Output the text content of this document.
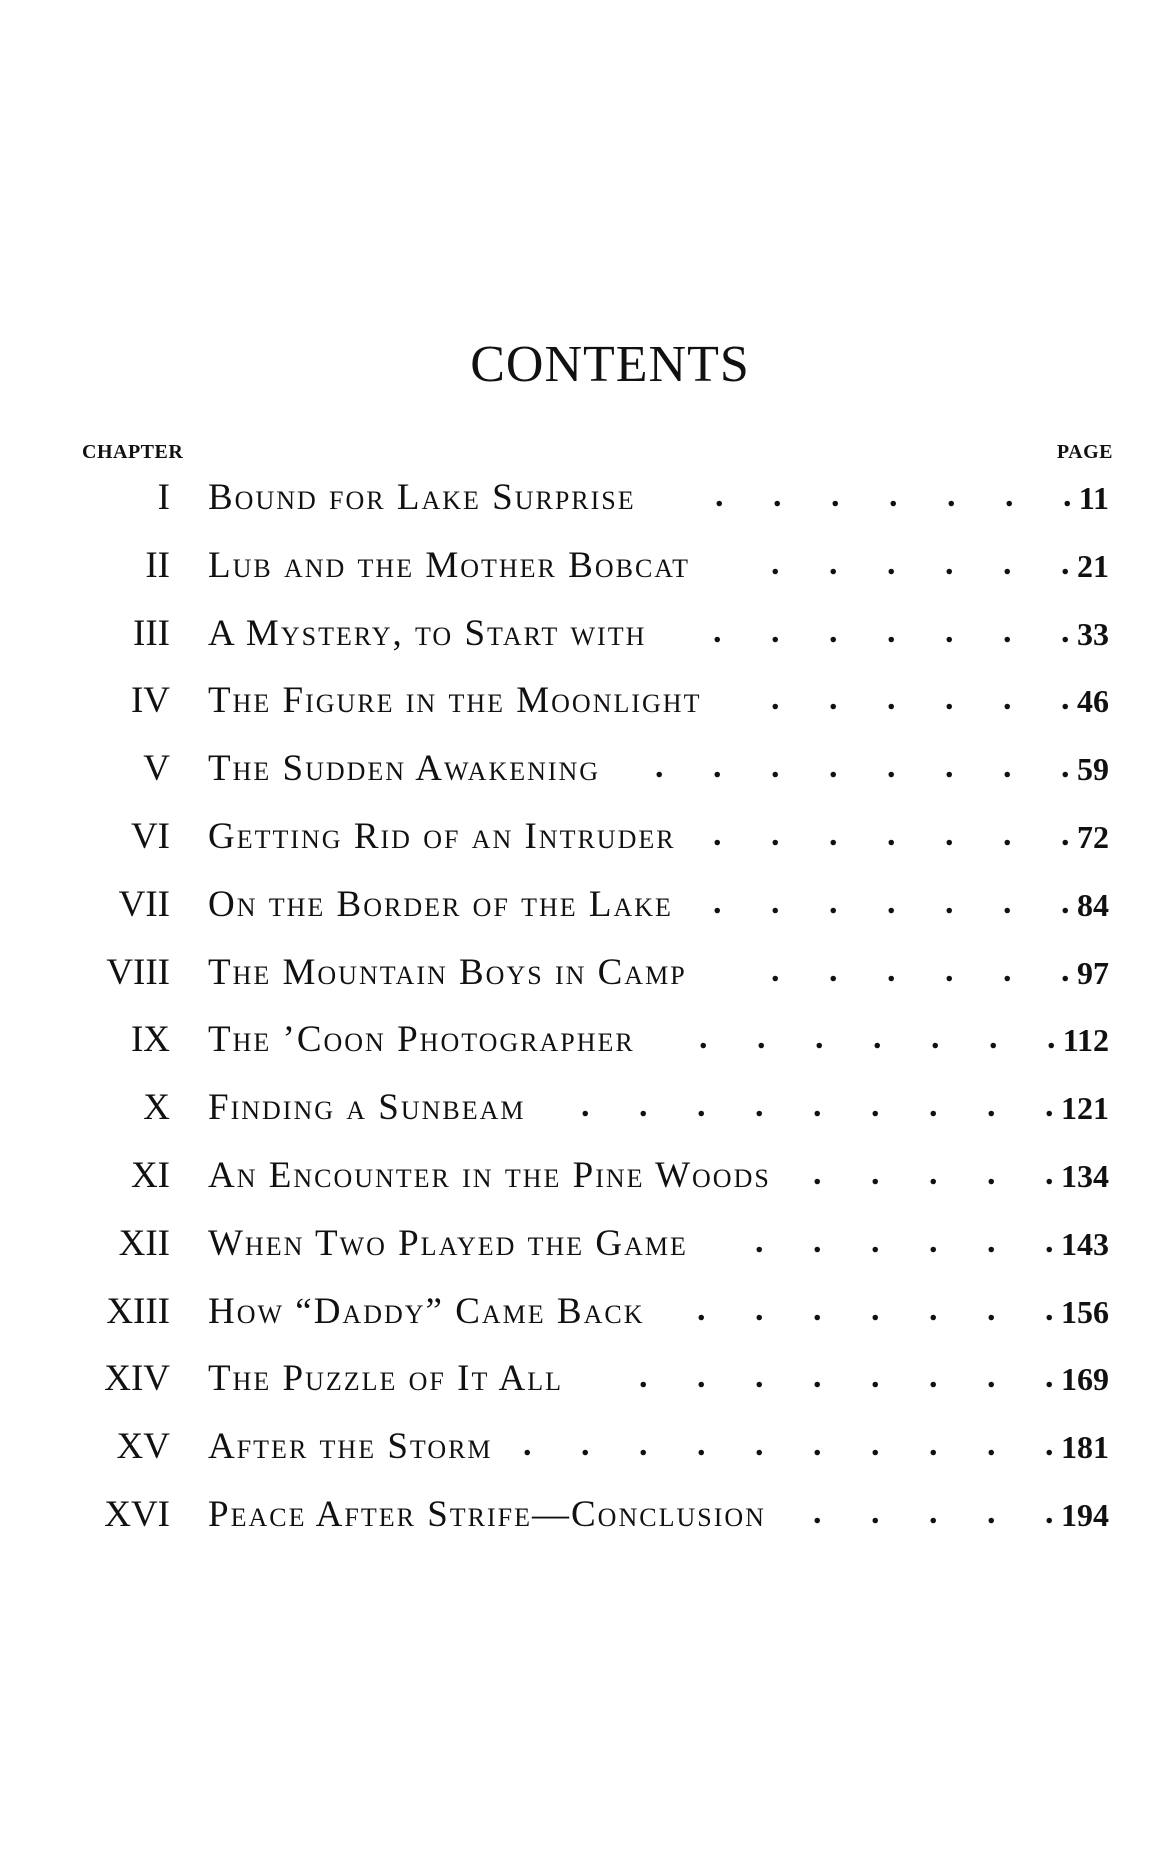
CONTENTS
CHAPTER	PAGE
I Bound for Lake Surprise	11
.
.
.
.
.
.
.
II Lub and the Mother Bobcat	21
.
.
.
.
.
.
III A Mystery, to Start with	33
.
.
.
.
.
.
.
IV The Figure in the Moonlight	46
.
.
.
.
.
.
V The Sudden Awakening	59
.
.
.
.
.
.
.
.
VI Getting Rid of an Intruder	72
.
.
.
.
.
.
.
VII On the Border of the Lake	84
.
.
.
.
.
.
.
VIII The Mountain Boys in Camp	97
.
.
.
.
.
.
IX The ’Coon Photographer	112
.
.
.
.
.
.
.
X Finding a Sunbeam	121
.
.
.
.
.
.
.
.
.
XI An Encounter in the Pine Woods	134
.
.
.
.
.
XII When Two Played the Game	143
.
.
.
.
.
.
XIII How “Daddy” Came Back	156
.
.
.
.
.
.
.
XIV The Puzzle of It All	169
.
.
.
.
.
.
.
.
XV After the Storm	181
.
.
.
.
.
.
.
.
.
.
XVI Peace After Strife—Conclusion	194
.
.
.
.
.
